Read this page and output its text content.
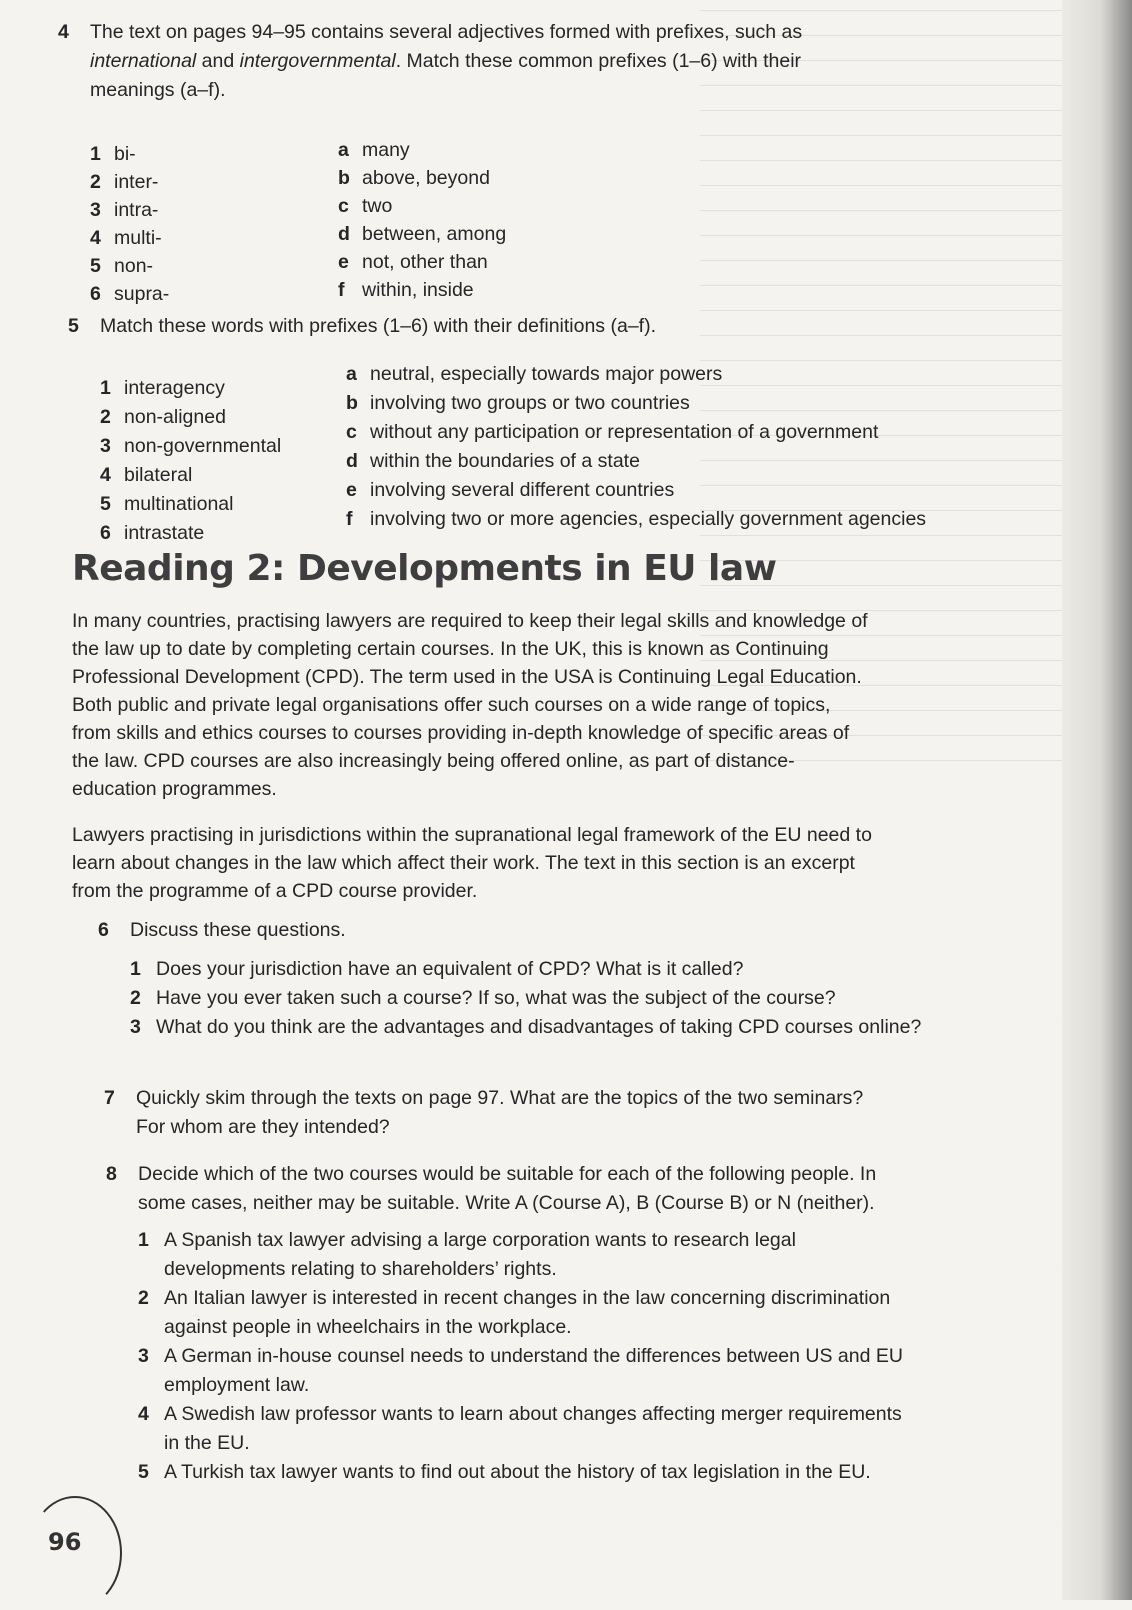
4	The text on pages 94–95 contains several adjectives formed with prefixes, such as international and intergovernmental. Match these common prefixes (1–6) with their meanings (a–f).
1 bi-
2 inter-
3 intra-
4 multi-
5 non-
6 supra-
a many
b above, beyond
c two
d between, among
e not, other than
f within, inside
5	Match these words with prefixes (1–6) with their definitions (a–f).
1 interagency
2 non-aligned
3 non-governmental
4 bilateral
5 multinational
6 intrastate
a neutral, especially towards major powers
b involving two groups or two countries
c without any participation or representation of a government
d within the boundaries of a state
e involving several different countries
f involving two or more agencies, especially government agencies
Reading 2: Developments in EU law

In many countries, practising lawyers are required to keep their legal skills and knowledge of the law up to date by completing certain courses. In the UK, this is known as Continuing Professional Development (CPD). The term used in the USA is Continuing Legal Education. Both public and private legal organisations offer such courses on a wide range of topics, from skills and ethics courses to courses providing in-depth knowledge of specific areas of the law. CPD courses are also increasingly being offered online, as part of distance-education programmes.

Lawyers practising in jurisdictions within the supranational legal framework of the EU need to learn about changes in the law which affect their work. The text in this section is an excerpt from the programme of a CPD course provider.

6	Discuss these questions.
1 Does your jurisdiction have an equivalent of CPD? What is it called?
2 Have you ever taken such a course? If so, what was the subject of the course?
3 What do you think are the advantages and disadvantages of taking CPD courses online?
7	Quickly skim through the texts on page 97. What are the topics of the two seminars? For whom are they intended?
8	Decide which of the two courses would be suitable for each of the following people. In some cases, neither may be suitable. Write A (Course A), B (Course B) or N (neither).
1 A Spanish tax lawyer advising a large corporation wants to research legal developments relating to shareholders’ rights.
2 An Italian lawyer is interested in recent changes in the law concerning discrimination against people in wheelchairs in the workplace.
3 A German in-house counsel needs to understand the differences between US and EU employment law.
4 A Swedish law professor wants to learn about changes affecting merger requirements in the EU.
5 A Turkish tax lawyer wants to find out about the history of tax legislation in the EU.
96
